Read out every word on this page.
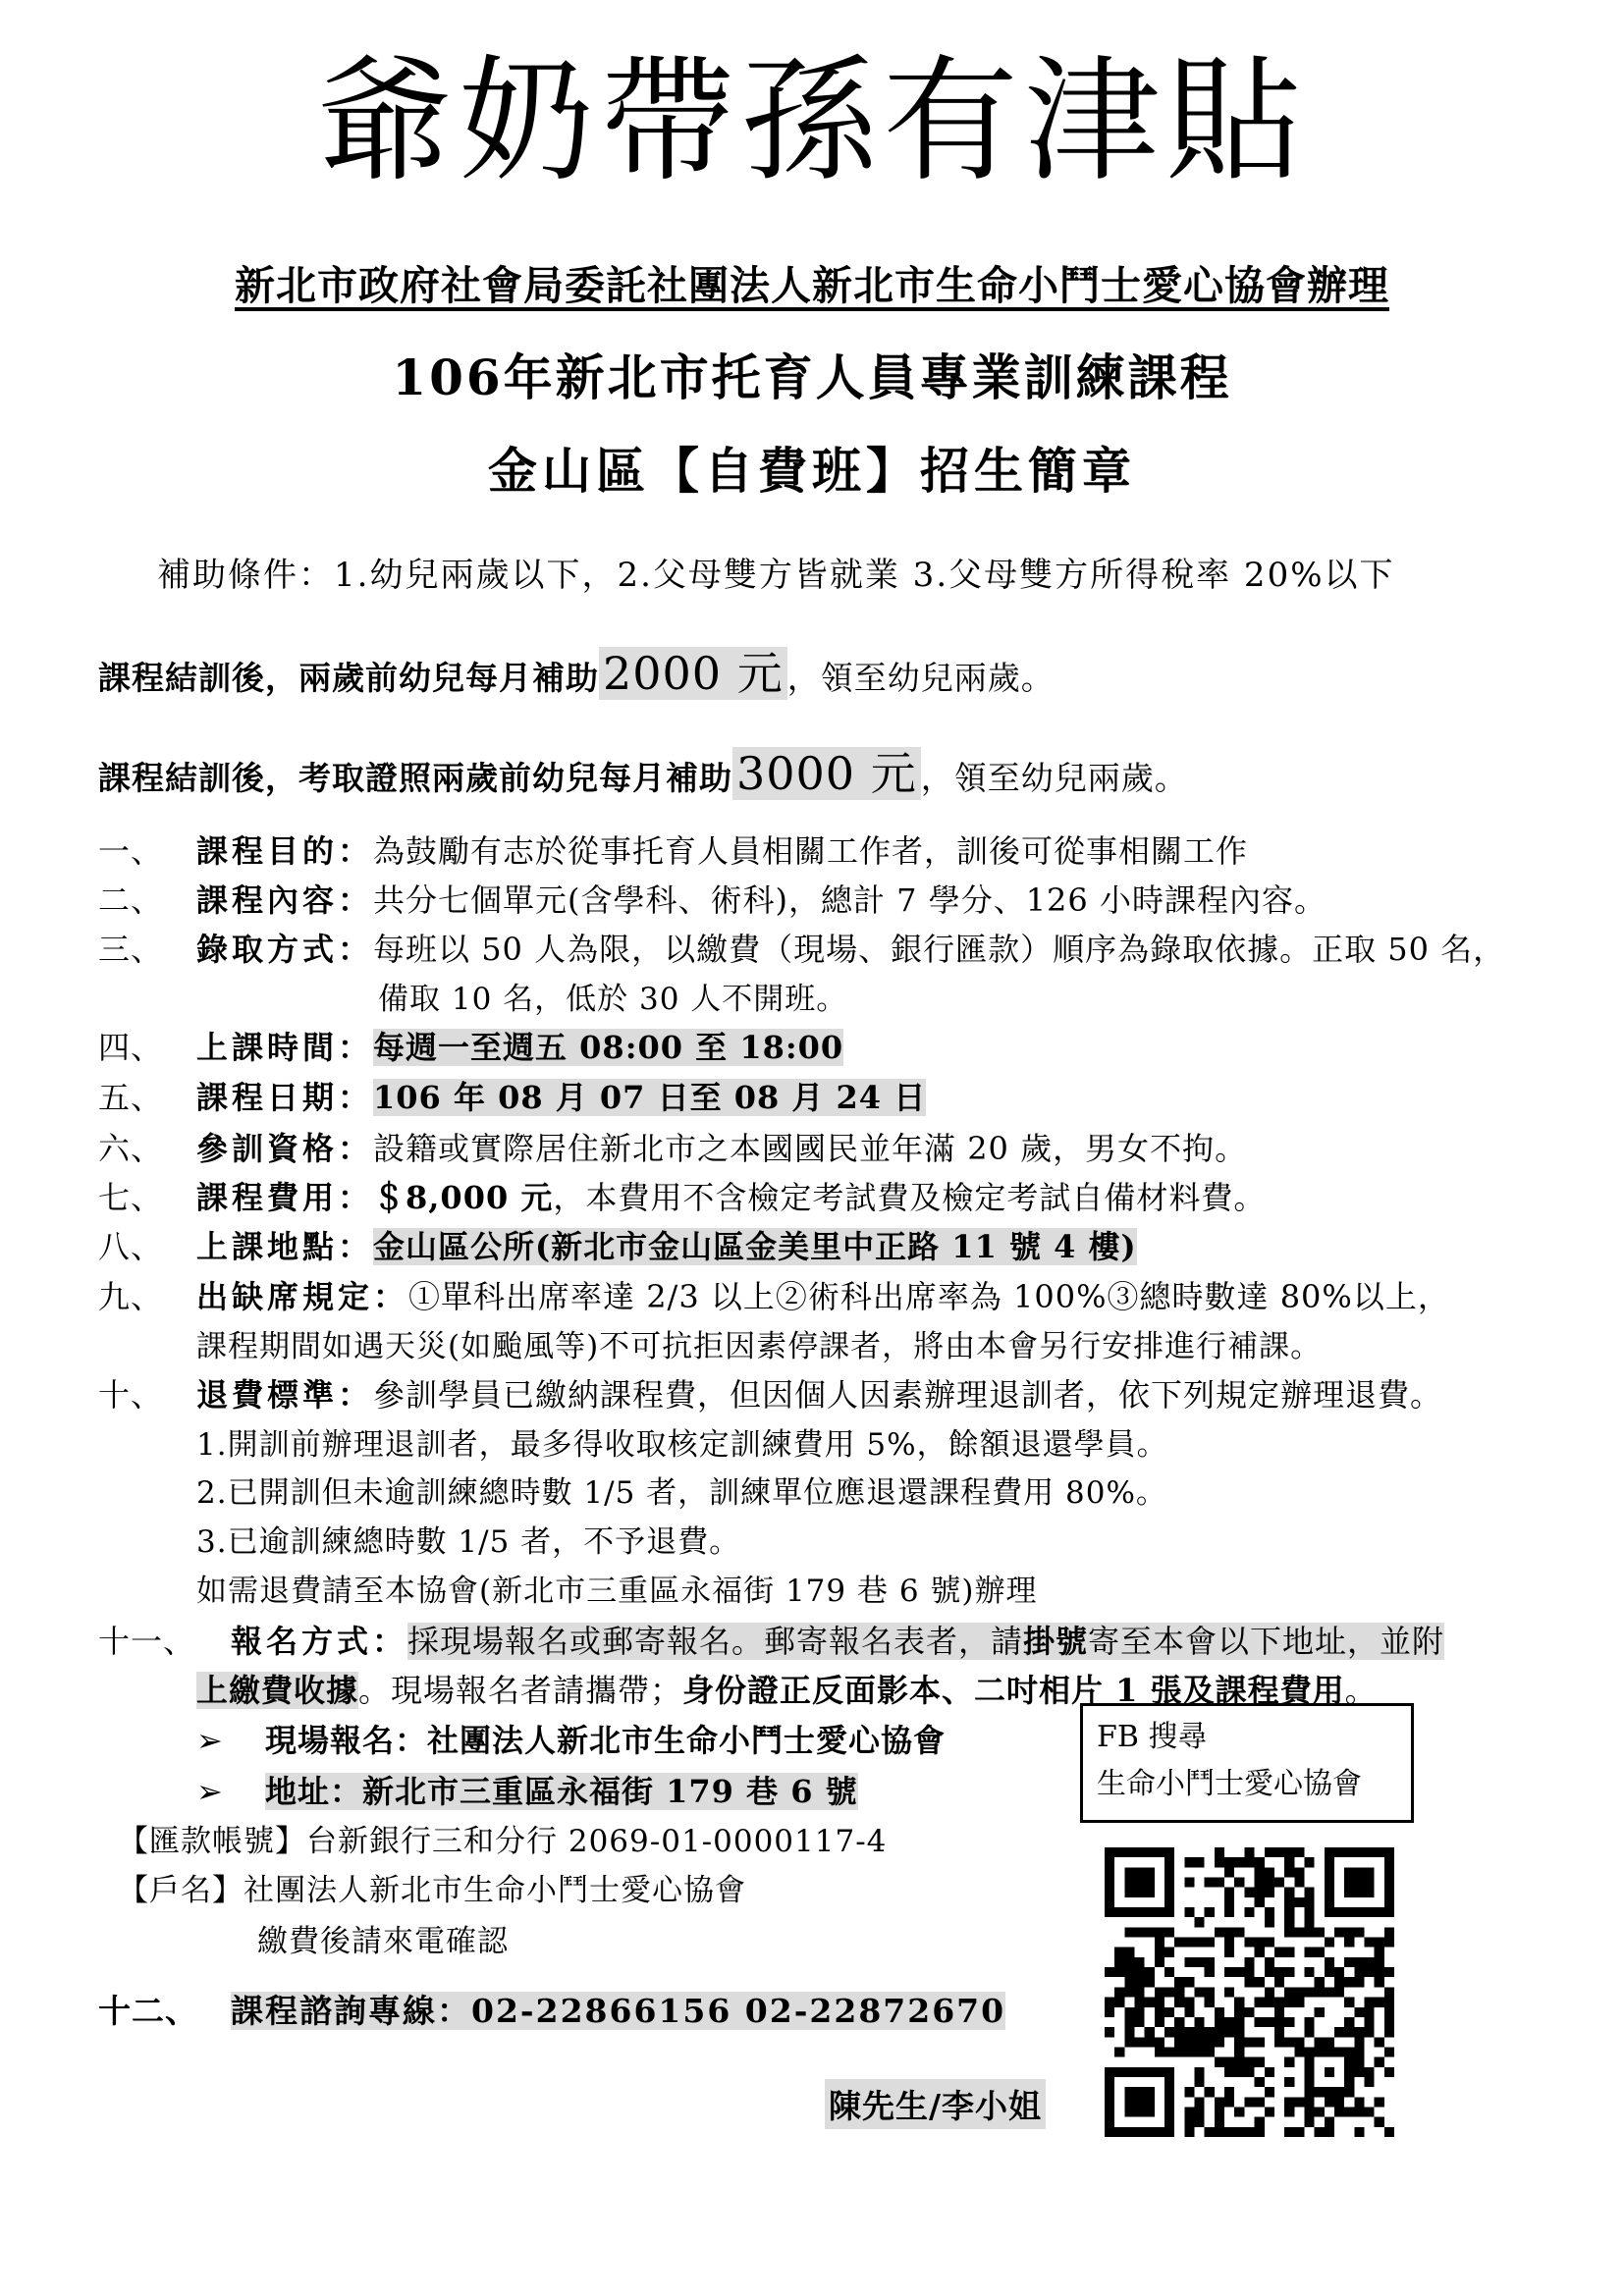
爺奶帶孫有津貼
新北市政府社會局委託社團法人新北市生命小鬥士愛心協會辦理
106年新北市托育人員專業訓練課程
金山區【自費班】招生簡章
補助條件：1.幼兒兩歲以下，2.父母雙方皆就業 3.父母雙方所得稅率 20%以下
課程結訓後，兩歲前幼兒每月補助2000 元 ，領至幼兒兩歲。
課程結訓後，考取證照兩歲前幼兒每月補助3000 元 ，領至幼兒兩歲。
一、 課程目的：為鼓勵有志於從事托育人員相關工作者，訓後可從事相關工作
二、 課程內容：共分七個單元(含學科、術科)，總計 7 學分、126 小時課程內容。
三、 錄取方式：每班以 50 人為限，以繳費（現場、銀行匯款）順序為錄取依據。正取 50 名，
備取 10 名，低於 30 人不開班。
四、 上課時間：每週一至週五 08:00 至 18:00
五、 課程日期：106 年 08 月 07 日至 08 月 24 日
六、 參訓資格：設籍或實際居住新北市之本國國民並年滿 20 歲，男女不拘。
七、 課程費用：＄8,000 元，本費用不含檢定考試費及檢定考試自備材料費。
八、 上課地點：金山區公所(新北市金山區金美里中正路 11 號 4 樓)
九、 出缺席規定：①單科出席率達 2/3 以上②術科出席率為 100%③總時數達 80%以上，
課程期間如遇天災(如颱風等)不可抗拒因素停課者，將由本會另行安排進行補課。
十、 退費標準：參訓學員已繳納課程費，但因個人因素辦理退訓者，依下列規定辦理退費。
1.開訓前辦理退訓者，最多得收取核定訓練費用 5%，餘額退還學員。
2.已開訓但未逾訓練總時數 1/5 者，訓練單位應退還課程費用 80%。
3.已逾訓練總時數 1/5 者，不予退費。
如需退費請至本協會(新北市三重區永福街 179 巷 6 號)辦理
十一、 報名方式：採現場報名或郵寄報名。郵寄報名表者，請掛號寄至本會以下地址，並附
上繳費收據。現場報名者請攜帶；身份證正反面影本、二吋相片 1 張及課程費用。
➢ 現場報名：社團法人新北市生命小鬥士愛心協會
➢ 地址：新北市三重區永福街 179 巷 6 號
【匯款帳號】台新銀行三和分行 2069-01-0000117-4
【戶名】社團法人新北市生命小鬥士愛心協會
繳費後請來電確認
十二、 課程諮詢專線：02-22866156 02-22872670
FB 搜尋
生命小鬥士愛心協會
陳先生/李小姐
